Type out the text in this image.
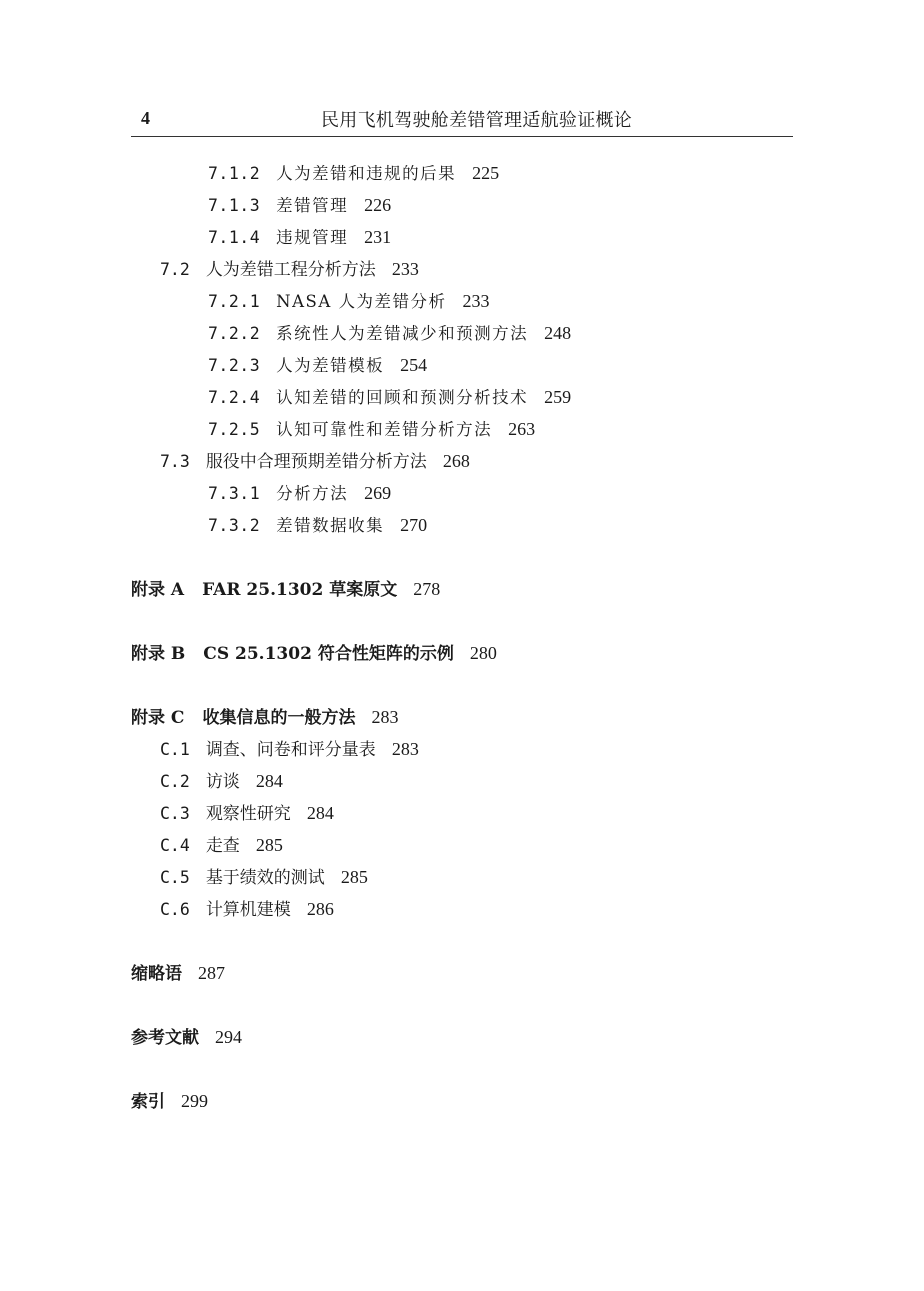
4	民用飞机驾驶舱差错管理适航验证概论
7.1.2 人为差错和违规的后果 225
7.1.3 差错管理 226
7.1.4 违规管理 231
7.2 人为差错工程分析方法 233
7.2.1 NASA 人为差错分析 233
7.2.2 系统性人为差错减少和预测方法 248
7.2.3 人为差错模板 254
7.2.4 认知差错的回顾和预测分析技术 259
7.2.5 认知可靠性和差错分析方法 263
7.3 服役中合理预期差错分析方法 268
7.3.1 分析方法 269
7.3.2 差错数据收集 270
附录 A FAR 25.1302 草案原文 278
附录 B CS 25.1302 符合性矩阵的示例 280
附录 C 收集信息的一般方法 283
C.1 调查、问卷和评分量表 283
C.2 访谈 284
C.3 观察性研究 284
C.4 走查 285
C.5 基于绩效的测试 285
C.6 计算机建模 286
缩略语 287
参考文献 294
索引 299
